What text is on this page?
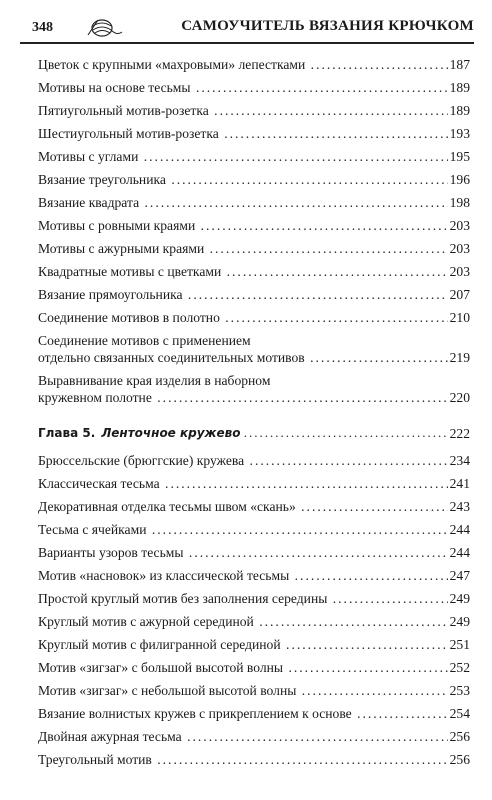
348	САМОУЧИТЕЛЬ ВЯЗАНИЯ КРЮЧКОМ
Цветок с крупными «махровыми» лепестками .....	187
Мотивы на основе тесьмы .....	189
Пятиугольный мотив-розетка .....	189
Шестиугольный мотив-розетка .....	193
Мотивы с углами .....	195
Вязание треугольника .....	196
Вязание квадрата .....	198
Мотивы с ровными краями .....	203
Мотивы с ажурными краями .....	203
Квадратные мотивы с цветками .....	203
Вязание прямоугольника .....	207
Соединение мотивов в полотно .....	210
Соединение мотивов с применением
отдельно связанных соединительных мотивов .....	219
Выравнивание края изделия в наборном
кружевном полотне .....	220
Глава 5. Ленточное кружево .....	222
Брюссельские (брюггские) кружева .....	234
Классическая тесьма .....	241
Декоративная отделка тесьмы швом «скань» .....	243
Тесьма с ячейками .....	244
Варианты узоров тесьмы .....	244
Мотив «насновок» из классической тесьмы .....	247
Простой круглый мотив без заполнения середины .....	249
Круглый мотив с ажурной серединой .....	249
Круглый мотив с филигранной серединой .....	251
Мотив «зигзаг» с большой высотой волны .....	252
Мотив «зигзаг» с небольшой высотой волны .....	253
Вязание волнистых кружев с прикреплением к основе .....	254
Двойная ажурная тесьма .....	256
Треугольный мотив .....	256
